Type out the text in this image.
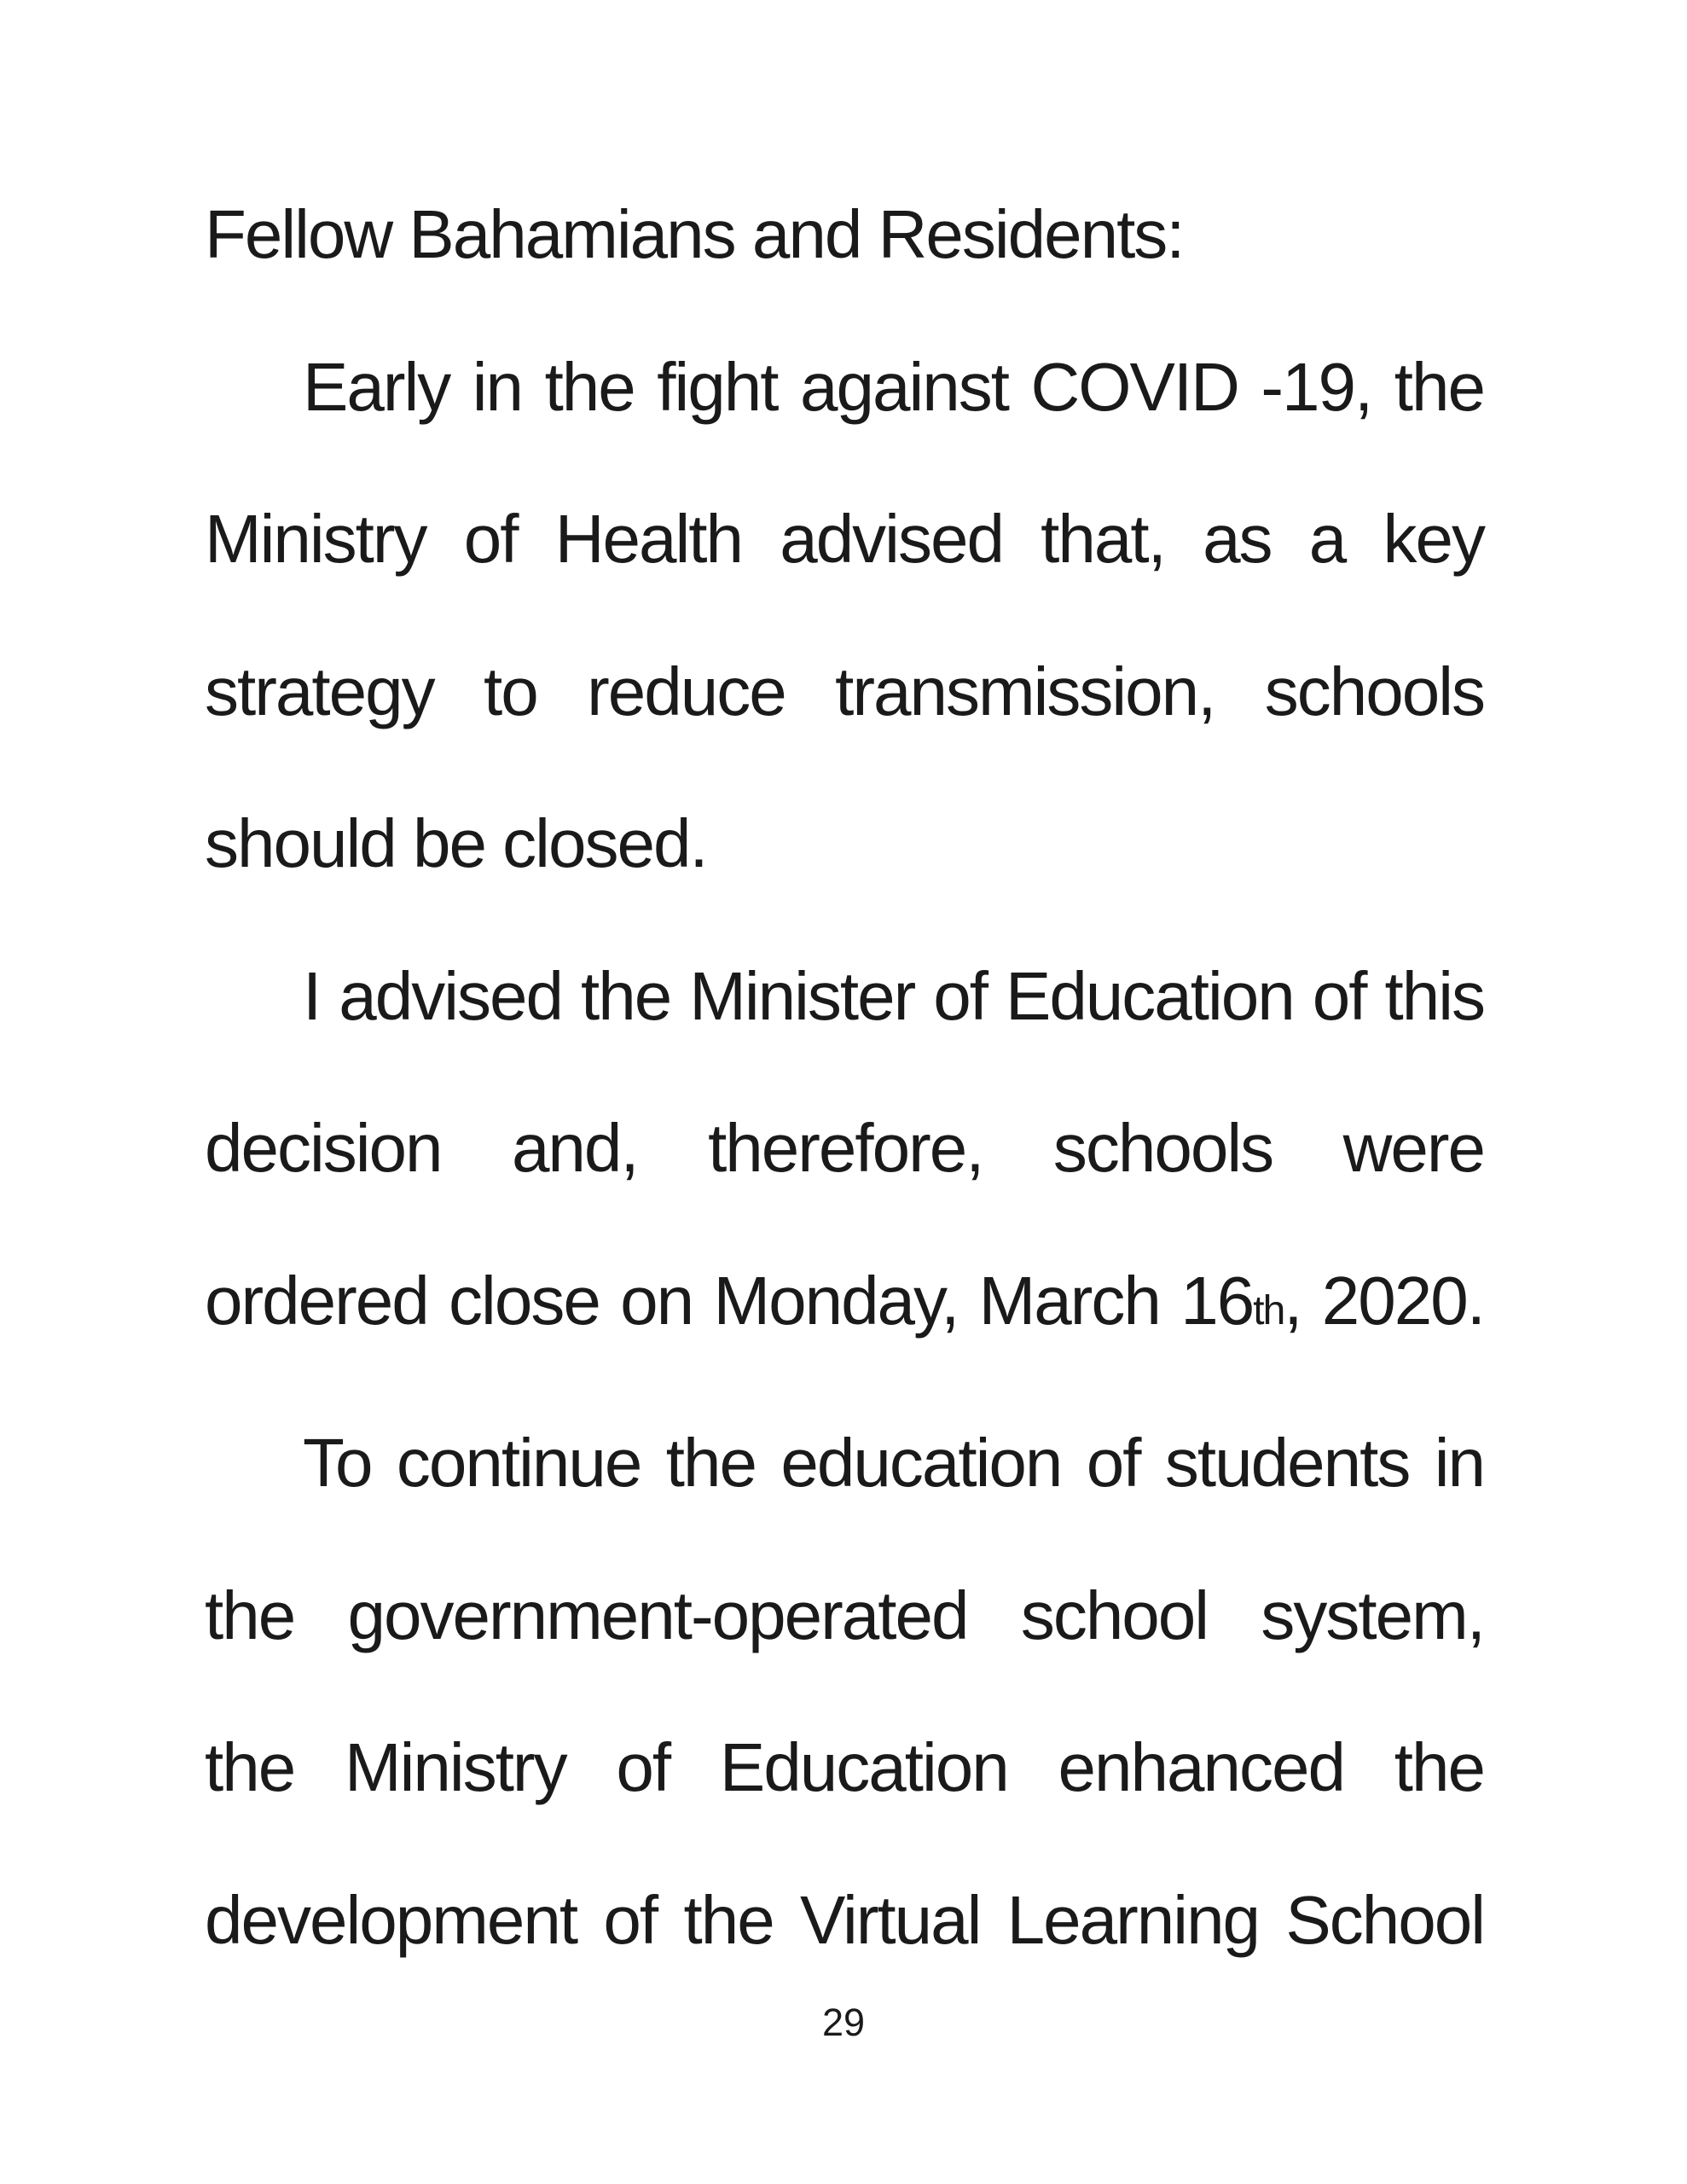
Fellow Bahamians and Residents:
Early in the fight against COVID -19, the
Ministry of Health advised that, as a key
strategy to reduce transmission, schools
should be closed.
I advised the Minister of Education of this
decision and, therefore, schools were
ordered close on Monday, March 16th, 2020.
To continue the education of students in
the government-operated school system,
the Ministry of Education enhanced the
development of the Virtual Learning School
29
